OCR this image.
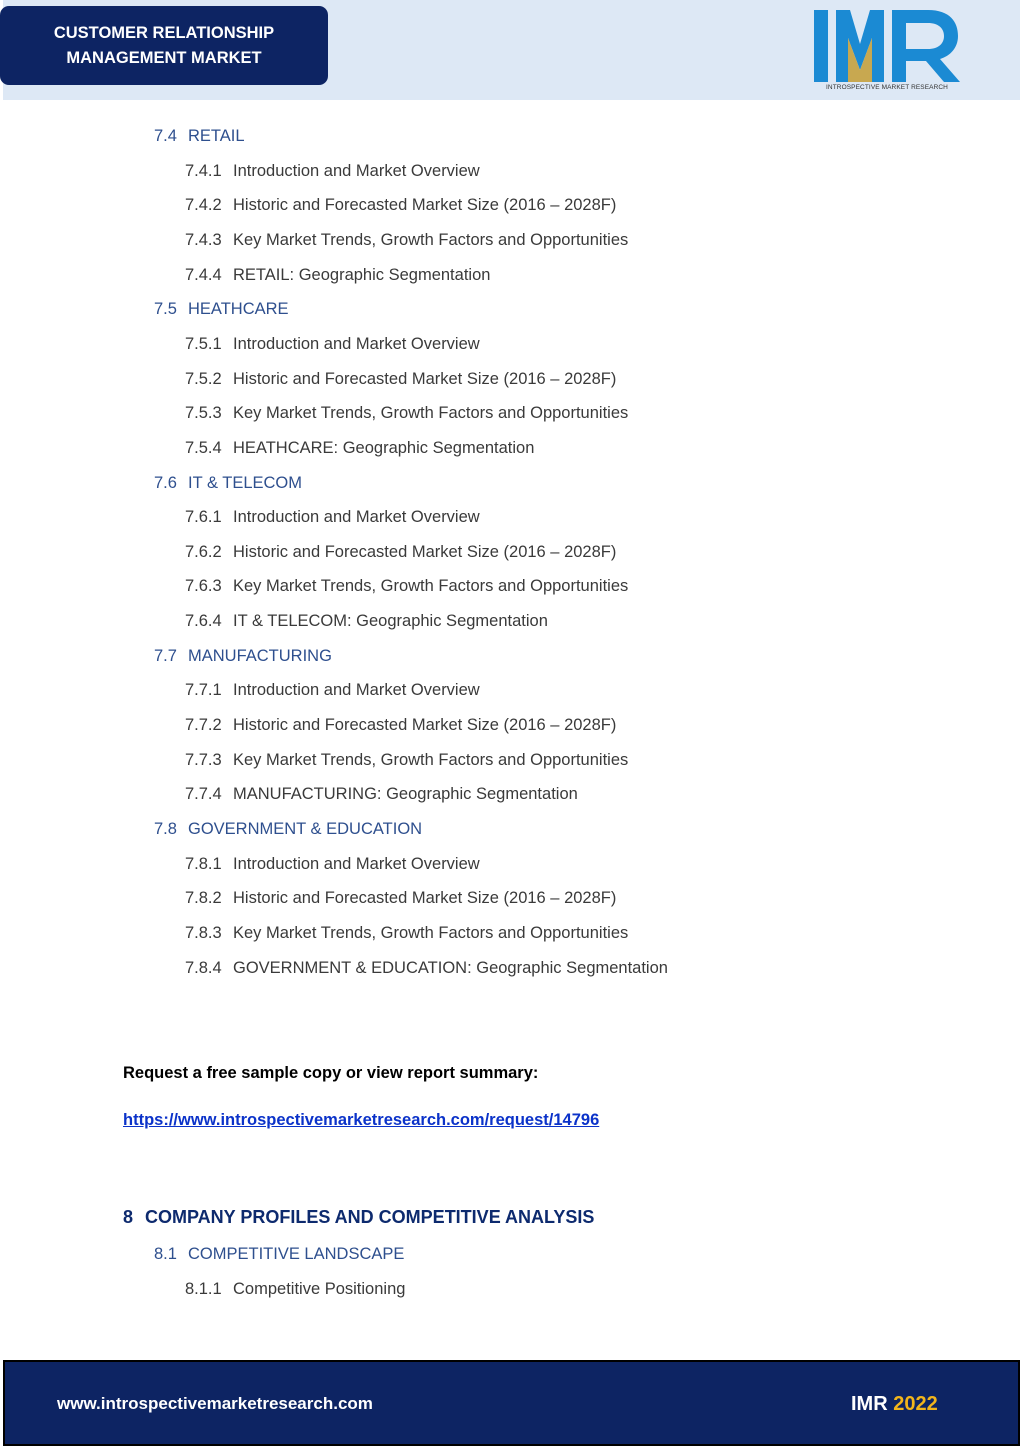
CUSTOMER RELATIONSHIP
MANAGEMENT MARKET
INTROSPECTIVE MARKET RESEARCH
7.4 RETAIL
7.4.1 Introduction and Market Overview
7.4.2 Historic and Forecasted Market Size (2016 – 2028F)
7.4.3 Key Market Trends, Growth Factors and Opportunities
7.4.4 RETAIL: Geographic Segmentation
7.5 HEATHCARE
7.5.1 Introduction and Market Overview
7.5.2 Historic and Forecasted Market Size (2016 – 2028F)
7.5.3 Key Market Trends, Growth Factors and Opportunities
7.5.4 HEATHCARE: Geographic Segmentation
7.6 IT & TELECOM
7.6.1 Introduction and Market Overview
7.6.2 Historic and Forecasted Market Size (2016 – 2028F)
7.6.3 Key Market Trends, Growth Factors and Opportunities
7.6.4 IT & TELECOM: Geographic Segmentation
7.7 MANUFACTURING
7.7.1 Introduction and Market Overview
7.7.2 Historic and Forecasted Market Size (2016 – 2028F)
7.7.3 Key Market Trends, Growth Factors and Opportunities
7.7.4 MANUFACTURING: Geographic Segmentation
7.8 GOVERNMENT & EDUCATION
7.8.1 Introduction and Market Overview
7.8.2 Historic and Forecasted Market Size (2016 – 2028F)
7.8.3 Key Market Trends, Growth Factors and Opportunities
7.8.4 GOVERNMENT & EDUCATION: Geographic Segmentation
Request a free sample copy or view report summary:
https://www.introspectivemarketresearch.com/request/14796
8 COMPANY PROFILES AND COMPETITIVE ANALYSIS
8.1 COMPETITIVE LANDSCAPE
8.1.1 Competitive Positioning
www.introspectivemarketresearch.com	IMR 2022
